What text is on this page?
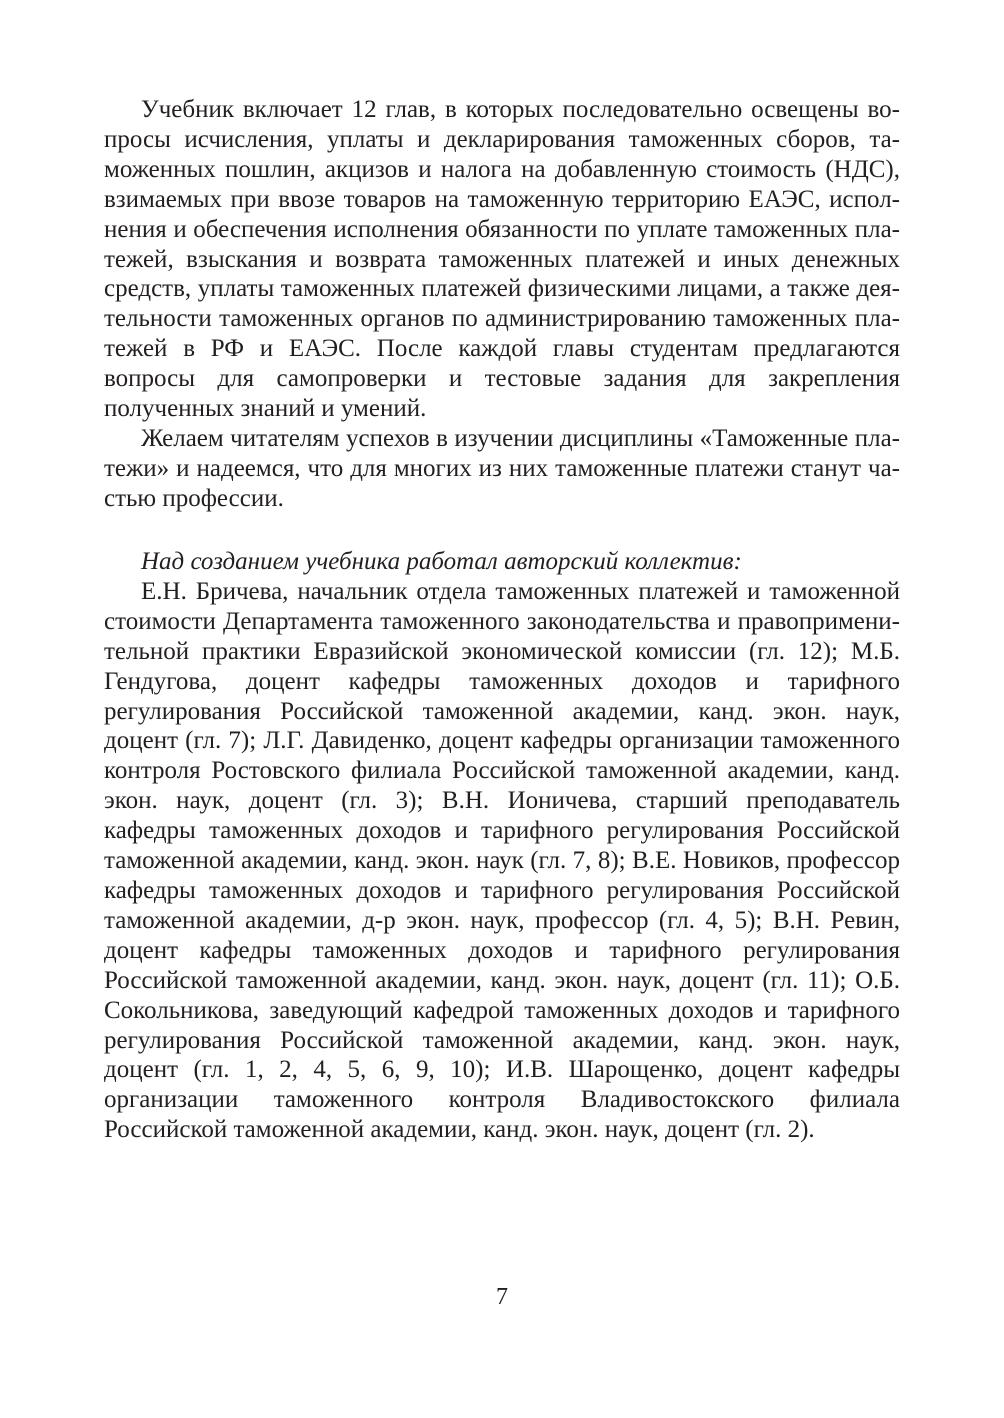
Учебник включает 12 глав, в которых последовательно освещены вопросы исчисления, уплаты и декларирования таможенных сборов, таможенных пошлин, акцизов и налога на добавленную стоимость (НДС), взимаемых при ввозе товаров на таможенную территорию ЕАЭС, исполнения и обеспечения исполнения обязанности по уплате таможенных платежей, взыскания и возврата таможенных платежей и иных денежных средств, уплаты таможенных платежей физическими лицами, а также деятельности таможенных органов по администрированию таможенных платежей в РФ и ЕАЭС. После каждой главы студентам предлагаются вопросы для самопроверки и тестовые задания для закрепления полученных знаний и умений.

Желаем читателям успехов в изучении дисциплины «Таможенные платежи» и надеемся, что для многих из них таможенные платежи станут частью профессии.

Над созданием учебника работал авторский коллектив:

Е.Н. Бричева, начальник отдела таможенных платежей и таможенной стоимости Департамента таможенного законодательства и правоприменительной практики Евразийской экономической комиссии (гл. 12); М.Б. Гендугова, доцент кафедры таможенных доходов и тарифного регулирования Российской таможенной академии, канд. экон. наук, доцент (гл. 7); Л.Г. Давиденко, доцент кафедры организации таможенного контроля Ростовского филиала Российской таможенной академии, канд. экон. наук, доцент (гл. 3); В.Н. Ионичева, старший преподаватель кафедры таможенных доходов и тарифного регулирования Российской таможенной академии, канд. экон. наук (гл. 7, 8); В.Е. Новиков, профессор кафедры таможенных доходов и тарифного регулирования Российской таможенной академии, д-р экон. наук, профессор (гл. 4, 5); В.Н. Ревин, доцент кафедры таможенных доходов и тарифного регулирования Российской таможенной академии, канд. экон. наук, доцент (гл. 11); О.Б. Сокольникова, заведующий кафедрой таможенных доходов и тарифного регулирования Российской таможенной академии, канд. экон. наук, доцент (гл. 1, 2, 4, 5, 6, 9, 10); И.В. Шарощенко, доцент кафедры организации таможенного контроля Владивостокского филиала Российской таможенной академии, канд. экон. наук, доцент (гл. 2).

7
